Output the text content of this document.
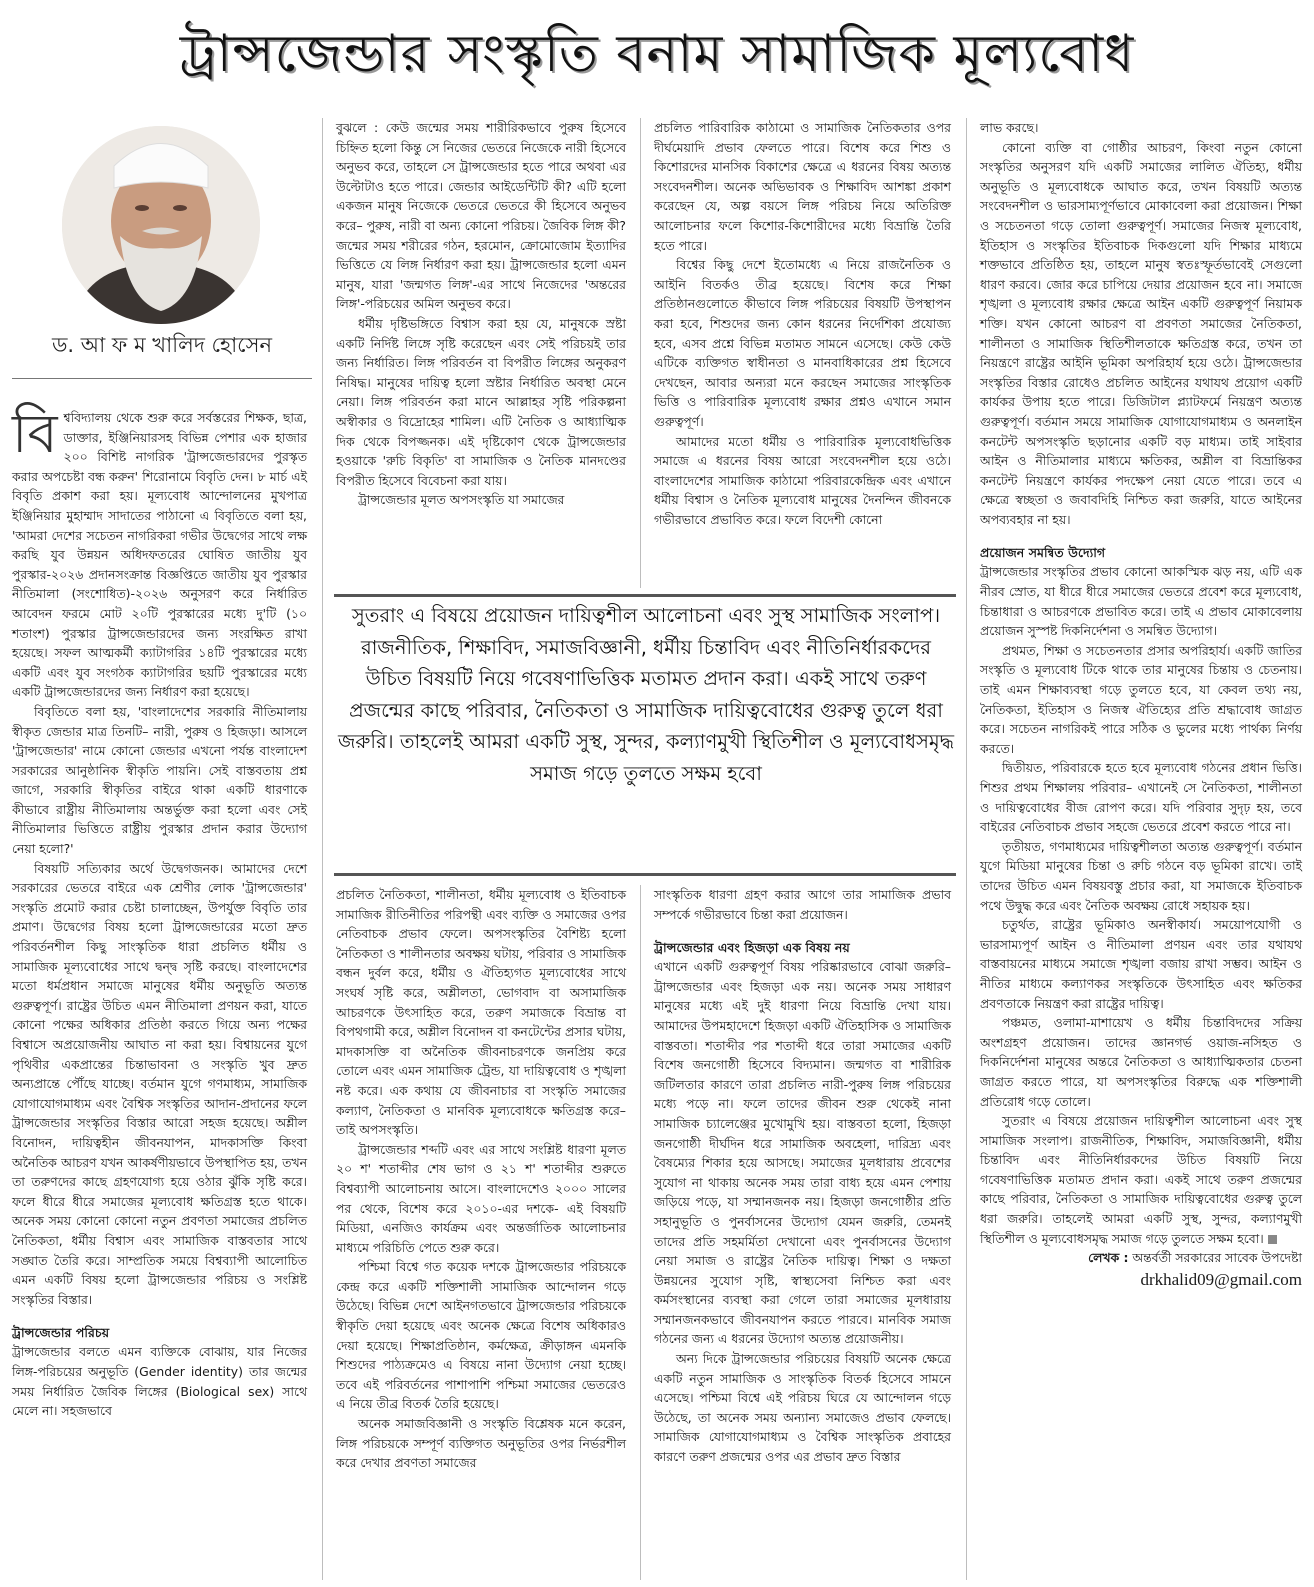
ট্রান্সজেন্ডার সংস্কৃতি বনাম সামাজিক মূল্যবোধ
ড. আ ফ ম খালিদ হোসেন

বিশ্ববিদ্যালয় থেকে শুরু করে সর্বস্তরের শিক্ষক, ছাত্র, ডাক্তার, ইঞ্জিনিয়ারসহ বিভিন্ন পেশার এক হাজার ২০০ বিশিষ্ট নাগরিক 'ট্রান্সজেন্ডারদের পুরস্কৃত করার অপচেষ্টা বন্ধ করুন' শিরোনামে বিবৃতি দেন। ৮ মার্চ এই বিবৃতি প্রকাশ করা হয়। মূল্যবোধ আন্দোলনের মুখপাত্র ইঞ্জিনিয়ার মুহাম্মাদ সাদাতের পাঠানো এ বিবৃতিতে বলা হয়, 'আমরা দেশের সচেতন নাগরিকরা গভীর উদ্বেগের সাথে লক্ষ করছি যুব উন্নয়ন অধিদফতরের ঘোষিত জাতীয় যুব পুরস্কার-২০২৬ প্রদানসংক্রান্ত বিজ্ঞপ্তিতে জাতীয় যুব পুরস্কার নীতিমালা (সংশোধিত)-২০২৬ অনুসরণ করে নির্ধারিত আবেদন ফরমে মোট ২০টি পুরস্কারের মধ্যে দু'টি (১০ শতাংশ) পুরস্কার ট্রান্সজেন্ডারদের জন্য সংরক্ষিত রাখা হয়েছে। সফল আত্মকর্মী ক্যাটাগরির ১৪টি পুরস্কারের মধ্যে একটি এবং যুব সংগঠক ক্যাটাগরির ছয়টি পুরস্কারের মধ্যে একটি ট্রান্সজেন্ডারদের জন্য নির্ধারণ করা হয়েছে।

বিবৃতিতে বলা হয়, 'বাংলাদেশের সরকারি নীতিমালায় স্বীকৃত জেন্ডার মাত্র তিনটি– নারী, পুরুষ ও হিজড়া। আসলে 'ট্রান্সজেন্ডার' নামে কোনো জেন্ডার এখনো পর্যন্ত বাংলাদেশ সরকারের আনুষ্ঠানিক স্বীকৃতি পায়নি। সেই বাস্তবতায় প্রশ্ন জাগে, সরকারি স্বীকৃতির বাইরে থাকা একটি ধারণাকে কীভাবে রাষ্ট্রীয় নীতিমালায় অন্তর্ভুক্ত করা হলো এবং সেই নীতিমালার ভিত্তিতে রাষ্ট্রীয় পুরস্কার প্রদান করার উদ্যোগ নেয়া হলো?'

বিষয়টি সত্যিকার অর্থে উদ্বেগজনক। আমাদের দেশে সরকারের ভেতরে বাইরে এক শ্রেণীর লোক 'ট্রান্সজেন্ডার' সংস্কৃতি প্রমোট করার চেষ্টা চালাচ্ছেন, উপর্যুক্ত বিবৃতি তার প্রমাণ। উদ্বেগের বিষয় হলো ট্রান্সজেন্ডারের মতো দ্রুত পরিবর্তনশীল কিছু সাংস্কৃতিক ধারা প্রচলিত ধর্মীয় ও সামাজিক মূল্যবোধের সাথে দ্বন্দ্ব সৃষ্টি করছে। বাংলাদেশের মতো ধর্মপ্রধান সমাজে মানুষের ধর্মীয় অনুভূতি অত্যন্ত গুরুত্বপূর্ণ। রাষ্ট্রের উচিত এমন নীতিমালা প্রণয়ন করা, যাতে কোনো পক্ষের অধিকার প্রতিষ্ঠা করতে গিয়ে অন্য পক্ষের বিশ্বাসে অপ্রয়োজনীয় আঘাত না করা হয়। বিশ্বায়নের যুগে পৃথিবীর একপ্রান্তের চিন্তাভাবনা ও সংস্কৃতি খুব দ্রুত অন্যপ্রান্তে পৌঁছে যাচ্ছে। বর্তমান যুগে গণমাধ্যম, সামাজিক যোগাযোগমাধ্যম এবং বৈশ্বিক সংস্কৃতির আদান-প্রদানের ফলে ট্রান্সজেন্ডার সংস্কৃতির বিস্তার আরো সহজ হয়েছে। অশ্লীল বিনোদন, দায়িত্বহীন জীবনযাপন, মাদকাসক্তি কিংবা অনৈতিক আচরণ যখন আকর্ষণীয়ভাবে উপস্থাপিত হয়, তখন তা তরুণদের কাছে গ্রহণযোগ্য হয়ে ওঠার ঝুঁকি সৃষ্টি করে। ফলে ধীরে ধীরে সমাজের মূল্যবোধ ক্ষতিগ্রস্ত হতে থাকে। অনেক সময় কোনো কোনো নতুন প্রবণতা সমাজের প্রচলিত নৈতিকতা, ধর্মীয় বিশ্বাস এবং সামাজিক বাস্তবতার সাথে সঙ্ঘাত তৈরি করে। সাম্প্রতিক সময়ে বিশ্বব্যাপী আলোচিত এমন একটি বিষয় হলো ট্রান্সজেন্ডার পরিচয় ও সংশ্লিষ্ট সংস্কৃতির বিস্তার।

ট্রান্সজেন্ডার পরিচয়

ট্রান্সজেন্ডার বলতে এমন ব্যক্তিকে বোঝায়, যার নিজের লিঙ্গ-পরিচয়ের অনুভূতি (Gender identity) তার জন্মের সময় নির্ধারিত জৈবিক লিঙ্গের (Biological sex) সাথে মেলে না। সহজভাবে

বুঝলে : কেউ জন্মের সময় শারীরিকভাবে পুরুষ হিসেবে চিহ্নিত হলো কিন্তু সে নিজের ভেতরে নিজেকে নারী হিসেবে অনুভব করে, তাহলে সে ট্রান্সজেন্ডার হতে পারে অথবা এর উল্টোটাও হতে পারে। জেন্ডার আইডেন্টিটি কী? এটি হলো একজন মানুষ নিজেকে ভেতরে ভেতরে কী হিসেবে অনুভব করে– পুরুষ, নারী বা অন্য কোনো পরিচয়। জৈবিক লিঙ্গ কী? জন্মের সময় শরীরের গঠন, হরমোন, ক্রোমোজোম ইত্যাদির ভিত্তিতে যে লিঙ্গ নির্ধারণ করা হয়। ট্রান্সজেন্ডার হলো এমন মানুষ, যারা 'জন্মগত লিঙ্গ'-এর সাথে নিজেদের 'অন্তরের লিঙ্গ'-পরিচয়ের অমিল অনুভব করে।

ধর্মীয় দৃষ্টিভঙ্গিতে বিশ্বাস করা হয় যে, মানুষকে স্রষ্টা একটি নির্দিষ্ট লিঙ্গে সৃষ্টি করেছেন এবং সেই পরিচয়ই তার জন্য নির্ধারিত। লিঙ্গ পরিবর্তন বা বিপরীত লিঙ্গের অনুকরণ নিষিদ্ধ। মানুষের দায়িত্ব হলো স্রষ্টার নির্ধারিত অবস্থা মেনে নেয়া। লিঙ্গ পরিবর্তন করা মানে আল্লাহর সৃষ্টি পরিকল্পনা অস্বীকার ও বিদ্রোহের শামিল। এটি নৈতিক ও আধ্যাত্মিক দিক থেকে বিপজ্জনক। এই দৃষ্টিকোণ থেকে ট্রান্সজেন্ডার হওয়াকে 'রুচি বিকৃতি' বা সামাজিক ও নৈতিক মানদণ্ডের বিপরীত হিসেবে বিবেচনা করা যায়।

ট্রান্সজেন্ডার মূলত অপসংস্কৃতি যা সমাজের

প্রচলিত পারিবারিক কাঠামো ও সামাজিক নৈতিকতার ওপর দীর্ঘমেয়াদি প্রভাব ফেলতে পারে। বিশেষ করে শিশু ও কিশোরদের মানসিক বিকাশের ক্ষেত্রে এ ধরনের বিষয় অত্যন্ত সংবেদনশীল। অনেক অভিভাবক ও শিক্ষাবিদ আশঙ্কা প্রকাশ করেছেন যে, অল্প বয়সে লিঙ্গ পরিচয় নিয়ে অতিরিক্ত আলোচনার ফলে কিশোর-কিশোরীদের মধ্যে বিভ্রান্তি তৈরি হতে পারে।

বিশ্বের কিছু দেশে ইতোমধ্যে এ নিয়ে রাজনৈতিক ও আইনি বিতর্কও তীব্র হয়েছে। বিশেষ করে শিক্ষা প্রতিষ্ঠানগুলোতে কীভাবে লিঙ্গ পরিচয়ের বিষয়টি উপস্থাপন করা হবে, শিশুদের জন্য কোন ধরনের নির্দেশিকা প্রযোজ্য হবে, এসব প্রশ্নে বিভিন্ন মতামত সামনে এসেছে। কেউ কেউ এটিকে ব্যক্তিগত স্বাধীনতা ও মানবাধিকারের প্রশ্ন হিসেবে দেখছেন, আবার অন্যরা মনে করছেন সমাজের সাংস্কৃতিক ভিত্তি ও পারিবারিক মূল্যবোধ রক্ষার প্রশ্নও এখানে সমান গুরুত্বপূর্ণ।

আমাদের মতো ধর্মীয় ও পারিবারিক মূল্যবোধভিত্তিক সমাজে এ ধরনের বিষয় আরো সংবেদনশীল হয়ে ওঠে। বাংলাদেশের সামাজিক কাঠামো পরিবারকেন্দ্রিক এবং এখানে ধর্মীয় বিশ্বাস ও নৈতিক মূল্যবোধ মানুষের দৈনন্দিন জীবনকে গভীরভাবে প্রভাবিত করে। ফলে বিদেশী কোনো

সুতরাং এ বিষয়ে প্রয়োজন দায়িত্বশীল আলোচনা এবং সুস্থ সামাজিক সংলাপ। রাজনীতিক, শিক্ষাবিদ, সমাজবিজ্ঞানী, ধর্মীয় চিন্তাবিদ এবং নীতিনির্ধারকদের উচিত বিষয়টি নিয়ে গবেষণাভিত্তিক মতামত প্রদান করা। একই সাথে তরুণ প্রজন্মের কাছে পরিবার, নৈতিকতা ও সামাজিক দায়িত্ববোধের গুরুত্ব তুলে ধরা জরুরি। তাহলেই আমরা একটি সুস্থ, সুন্দর, কল্যাণমুখী স্থিতিশীল ও মূল্যবোধসমৃদ্ধ সমাজ গড়ে তুলতে সক্ষম হবো

প্রচলিত নৈতিকতা, শালীনতা, ধর্মীয় মূল্যবোধ ও ইতিবাচক সামাজিক রীতিনীতির পরিপন্থী এবং ব্যক্তি ও সমাজের ওপর নেতিবাচক প্রভাব ফেলে। অপসংস্কৃতির বৈশিষ্ট্য হলো নৈতিকতা ও শালীনতার অবক্ষয় ঘটায়, পরিবার ও সামাজিক বন্ধন দুর্বল করে, ধর্মীয় ও ঐতিহ্যগত মূল্যবোধের সাথে সংঘর্ষ সৃষ্টি করে, অশ্লীলতা, ভোগবাদ বা অসামাজিক আচরণকে উৎসাহিত করে, তরুণ সমাজকে বিভ্রান্ত বা বিপথগামী করে, অশ্লীল বিনোদন বা কনটেন্টের প্রসার ঘটায়, মাদকাসক্তি বা অনৈতিক জীবনাচরণকে জনপ্রিয় করে তোলে এবং এমন সামাজিক ট্রেন্ড, যা দায়িত্ববোধ ও শৃঙ্খলা নষ্ট করে। এক কথায় যে জীবনাচার বা সংস্কৃতি সমাজের কল্যাণ, নৈতিকতা ও মানবিক মূল্যবোধকে ক্ষতিগ্রস্ত করে– তাই অপসংস্কৃতি।

ট্রান্সজেন্ডার শব্দটি এবং এর সাথে সংশ্লিষ্ট ধারণা মূলত ২০ শ' শতাব্দীর শেষ ভাগ ও ২১ শ' শতাব্দীর শুরুতে বিশ্বব্যাপী আলোচনায় আসে। বাংলাদেশেও ২০০০ সালের পর থেকে, বিশেষ করে ২০১০-এর দশকে- এই বিষয়টি মিডিয়া, এনজিও কার্যক্রম এবং অন্তর্জাতিক আলোচনার মাধ্যমে পরিচিতি পেতে শুরু করে।

পশ্চিমা বিশ্বে গত কয়েক দশকে ট্রান্সজেন্ডার পরিচয়কে কেন্দ্র করে একটি শক্তিশালী সামাজিক আন্দোলন গড়ে উঠেছে। বিভিন্ন দেশে আইনগতভাবে ট্রান্সজেন্ডার পরিচয়কে স্বীকৃতি দেয়া হয়েছে এবং অনেক ক্ষেত্রে বিশেষ অধিকারও দেয়া হয়েছে। শিক্ষাপ্রতিষ্ঠান, কর্মক্ষেত্র, ক্রীড়াঙ্গন এমনকি শিশুদের পাঠ্যক্রমেও এ বিষয়ে নানা উদ্যোগ নেয়া হচ্ছে। তবে এই পরিবর্তনের পাশাপাশি পশ্চিমা সমাজের ভেতরেও এ নিয়ে তীব্র বিতর্ক তৈরি হয়েছে।

অনেক সমাজবিজ্ঞানী ও সংস্কৃতি বিশ্লেষক মনে করেন, লিঙ্গ পরিচয়কে সম্পূর্ণ ব্যক্তিগত অনুভূতির ওপর নির্ভরশীল করে দেখার প্রবণতা সমাজের

সাংস্কৃতিক ধারণা গ্রহণ করার আগে তার সামাজিক প্রভাব সম্পর্কে গভীরভাবে চিন্তা করা প্রয়োজন।

ট্রান্সজেন্ডার এবং হিজড়া এক বিষয় নয়

এখানে একটি গুরুত্বপূর্ণ বিষয় পরিষ্কারভাবে বোঝা জরুরি– ট্রান্সজেন্ডার এবং হিজড়া এক নয়। অনেক সময় সাধারণ মানুষের মধ্যে এই দুই ধারণা নিয়ে বিভ্রান্তি দেখা যায়। আমাদের উপমহাদেশে হিজড়া একটি ঐতিহাসিক ও সামাজিক বাস্তবতা। শতাব্দীর পর শতাব্দী ধরে তারা সমাজের একটি বিশেষ জনগোষ্ঠী হিসেবে বিদ্যমান। জন্মগত বা শারীরিক জটিলতার কারণে তারা প্রচলিত নারী-পুরুষ লিঙ্গ পরিচয়ের মধ্যে পড়ে না। ফলে তাদের জীবন শুরু থেকেই নানা সামাজিক চ্যালেঞ্জের মুখোমুখি হয়। বাস্তবতা হলো, হিজড়া জনগোষ্ঠী দীর্ঘদিন ধরে সামাজিক অবহেলা, দারিদ্র্য এবং বৈষম্যের শিকার হয়ে আসছে। সমাজের মূলধারায় প্রবেশের সুযোগ না থাকায় অনেক সময় তারা বাধ্য হয়ে এমন পেশায় জড়িয়ে পড়ে, যা সম্মানজনক নয়। হিজড়া জনগোষ্ঠীর প্রতি সহানুভূতি ও পুনর্বাসনের উদ্যোগ যেমন জরুরি, তেমনই তাদের প্রতি সহমর্মিতা দেখানো এবং পুনর্বাসনের উদ্যোগ নেয়া সমাজ ও রাষ্ট্রের নৈতিক দায়িত্ব। শিক্ষা ও দক্ষতা উন্নয়নের সুযোগ সৃষ্টি, স্বাস্থ্যসেবা নিশ্চিত করা এবং কর্মসংস্থানের ব্যবস্থা করা গেলে তারা সমাজের মূলধারায় সম্মানজনকভাবে জীবনযাপন করতে পারবে। মানবিক সমাজ গঠনের জন্য এ ধরনের উদ্যোগ অত্যন্ত প্রয়োজনীয়।

অন্য দিকে ট্রান্সজেন্ডার পরিচয়ের বিষয়টি অনেক ক্ষেত্রে একটি নতুন সামাজিক ও সাংস্কৃতিক বিতর্ক হিসেবে সামনে এসেছে। পশ্চিমা বিশ্বে এই পরিচয় ঘিরে যে আন্দোলন গড়ে উঠেছে, তা অনেক সময় অন্যান্য সমাজেও প্রভাব ফেলছে। সামাজিক যোগাযোগমাধ্যম ও বৈশ্বিক সাংস্কৃতিক প্রবাহের কারণে তরুণ প্রজন্মের ওপর এর প্রভাব দ্রুত বিস্তার

লাভ করছে।

কোনো ব্যক্তি বা গোষ্ঠীর আচরণ, কিংবা নতুন কোনো সংস্কৃতির অনুসরণ যদি একটি সমাজের লালিত ঐতিহ্য, ধর্মীয় অনুভূতি ও মূল্যবোধকে আঘাত করে, তখন বিষয়টি অত্যন্ত সংবেদনশীল ও ভারসাম্যপূর্ণভাবে মোকাবেলা করা প্রয়োজন। শিক্ষা ও সচেতনতা গড়ে তোলা গুরুত্বপূর্ণ। সমাজের নিজস্ব মূল্যবোধ, ইতিহাস ও সংস্কৃতির ইতিবাচক দিকগুলো যদি শিক্ষার মাধ্যমে শক্তভাবে প্রতিষ্ঠিত হয়, তাহলে মানুষ স্বতঃস্ফূর্তভাবেই সেগুলো ধারণ করবে। জোর করে চাপিয়ে দেয়ার প্রয়োজন হবে না। সমাজে শৃঙ্খলা ও মূল্যবোধ রক্ষার ক্ষেত্রে আইন একটি গুরুত্বপূর্ণ নিয়ামক শক্তি। যখন কোনো আচরণ বা প্রবণতা সমাজের নৈতিকতা, শালীনতা ও সামাজিক স্থিতিশীলতাকে ক্ষতিগ্রস্ত করে, তখন তা নিয়ন্ত্রণে রাষ্ট্রের আইনি ভূমিকা অপরিহার্য হয়ে ওঠে। ট্রান্সজেন্ডার সংস্কৃতির বিস্তার রোধেও প্রচলিত আইনের যথাযথ প্রয়োগ একটি কার্যকর উপায় হতে পারে। ডিজিটাল প্ল্যাটফর্মে নিয়ন্ত্রণ অত্যন্ত গুরুত্বপূর্ণ। বর্তমান সময়ে সামাজিক যোগাযোগমাধ্যম ও অনলাইন কনটেন্ট অপসংস্কৃতি ছড়ানোর একটি বড় মাধ্যম। তাই সাইবার আইন ও নীতিমালার মাধ্যমে ক্ষতিকর, অশ্লীল বা বিভ্রান্তিকর কনটেন্ট নিয়ন্ত্রণে কার্যকর পদক্ষেপ নেয়া যেতে পারে। তবে এ ক্ষেত্রে স্বচ্ছতা ও জবাবদিহি নিশ্চিত করা জরুরি, যাতে আইনের অপব্যবহার না হয়।

প্রয়োজন সমন্বিত উদ্যোগ

ট্রান্সজেন্ডার সংস্কৃতির প্রভাব কোনো আকস্মিক ঝড় নয়, এটি এক নীরব স্রোত, যা ধীরে ধীরে সমাজের ভেতরে প্রবেশ করে মূল্যবোধ, চিন্তাধারা ও আচরণকে প্রভাবিত করে। তাই এ প্রভাব মোকাবেলায় প্রয়োজন সুস্পষ্ট দিকনির্দেশনা ও সমন্বিত উদ্যোগ।

প্রথমত, শিক্ষা ও সচেতনতার প্রসার অপরিহার্য। একটি জাতির সংস্কৃতি ও মূল্যবোধ টিকে থাকে তার মানুষের চিন্তায় ও চেতনায়। তাই এমন শিক্ষাব্যবস্থা গড়ে তুলতে হবে, যা কেবল তথ্য নয়, নৈতিকতা, ইতিহাস ও নিজস্ব ঐতিহ্যের প্রতি শ্রদ্ধাবোধ জাগ্রত করে। সচেতন নাগরিকই পারে সঠিক ও ভুলের মধ্যে পার্থক্য নির্ণয় করতে।

দ্বিতীয়ত, পরিবারকে হতে হবে মূল্যবোধ গঠনের প্রধান ভিত্তি। শিশুর প্রথম শিক্ষালয় পরিবার– এখানেই সে নৈতিকতা, শালীনতা ও দায়িত্ববোধের বীজ রোপণ করে। যদি পরিবার সুদৃঢ় হয়, তবে বাইরের নেতিবাচক প্রভাব সহজে ভেতরে প্রবেশ করতে পারে না।

তৃতীয়ত, গণমাধ্যমের দায়িত্বশীলতা অত্যন্ত গুরুত্বপূর্ণ। বর্তমান যুগে মিডিয়া মানুষের চিন্তা ও রুচি গঠনে বড় ভূমিকা রাখে। তাই তাদের উচিত এমন বিষয়বস্তু প্রচার করা, যা সমাজকে ইতিবাচক পথে উদ্বুদ্ধ করে এবং নৈতিক অবক্ষয় রোধে সহায়ক হয়।

চতুর্থত, রাষ্ট্রের ভূমিকাও অনস্বীকার্য। সময়োপযোগী ও ভারসাম্যপূর্ণ আইন ও নীতিমালা প্রণয়ন এবং তার যথাযথ বাস্তবায়নের মাধ্যমে সমাজে শৃঙ্খলা বজায় রাখা সম্ভব। আইন ও নীতির মাধ্যমে কল্যাণকর সংস্কৃতিকে উৎসাহিত এবং ক্ষতিকর প্রবণতাকে নিয়ন্ত্রণ করা রাষ্ট্রের দায়িত্ব।

পঞ্চমত, ওলামা-মাশায়েখ ও ধর্মীয় চিন্তাবিদদের সক্রিয় অংশগ্রহণ প্রয়োজন। তাদের জ্ঞানগর্ভ ওয়াজ-নসিহত ও দিকনির্দেশনা মানুষের অন্তরে নৈতিকতা ও আধ্যাত্মিকতার চেতনা জাগ্রত করতে পারে, যা অপসংস্কৃতির বিরুদ্ধে এক শক্তিশালী প্রতিরোধ গড়ে তোলে।

সুতরাং এ বিষয়ে প্রয়োজন দায়িত্বশীল আলোচনা এবং সুস্থ সামাজিক সংলাপ। রাজনীতিক, শিক্ষাবিদ, সমাজবিজ্ঞানী, ধর্মীয় চিন্তাবিদ এবং নীতিনির্ধারকদের উচিত বিষয়টি নিয়ে গবেষণাভিত্তিক মতামত প্রদান করা। একই সাথে তরুণ প্রজন্মের কাছে পরিবার, নৈতিকতা ও সামাজিক দায়িত্ববোধের গুরুত্ব তুলে ধরা জরুরি। তাহলেই আমরা একটি সুস্থ, সুন্দর, কল্যাণমুখী স্থিতিশীল ও মূল্যবোধসমৃদ্ধ সমাজ গড়ে তুলতে সক্ষম হবো।

লেখক : অন্তর্বর্তী সরকারের সাবেক উপদেষ্টা
drkhalid09@gmail.com
